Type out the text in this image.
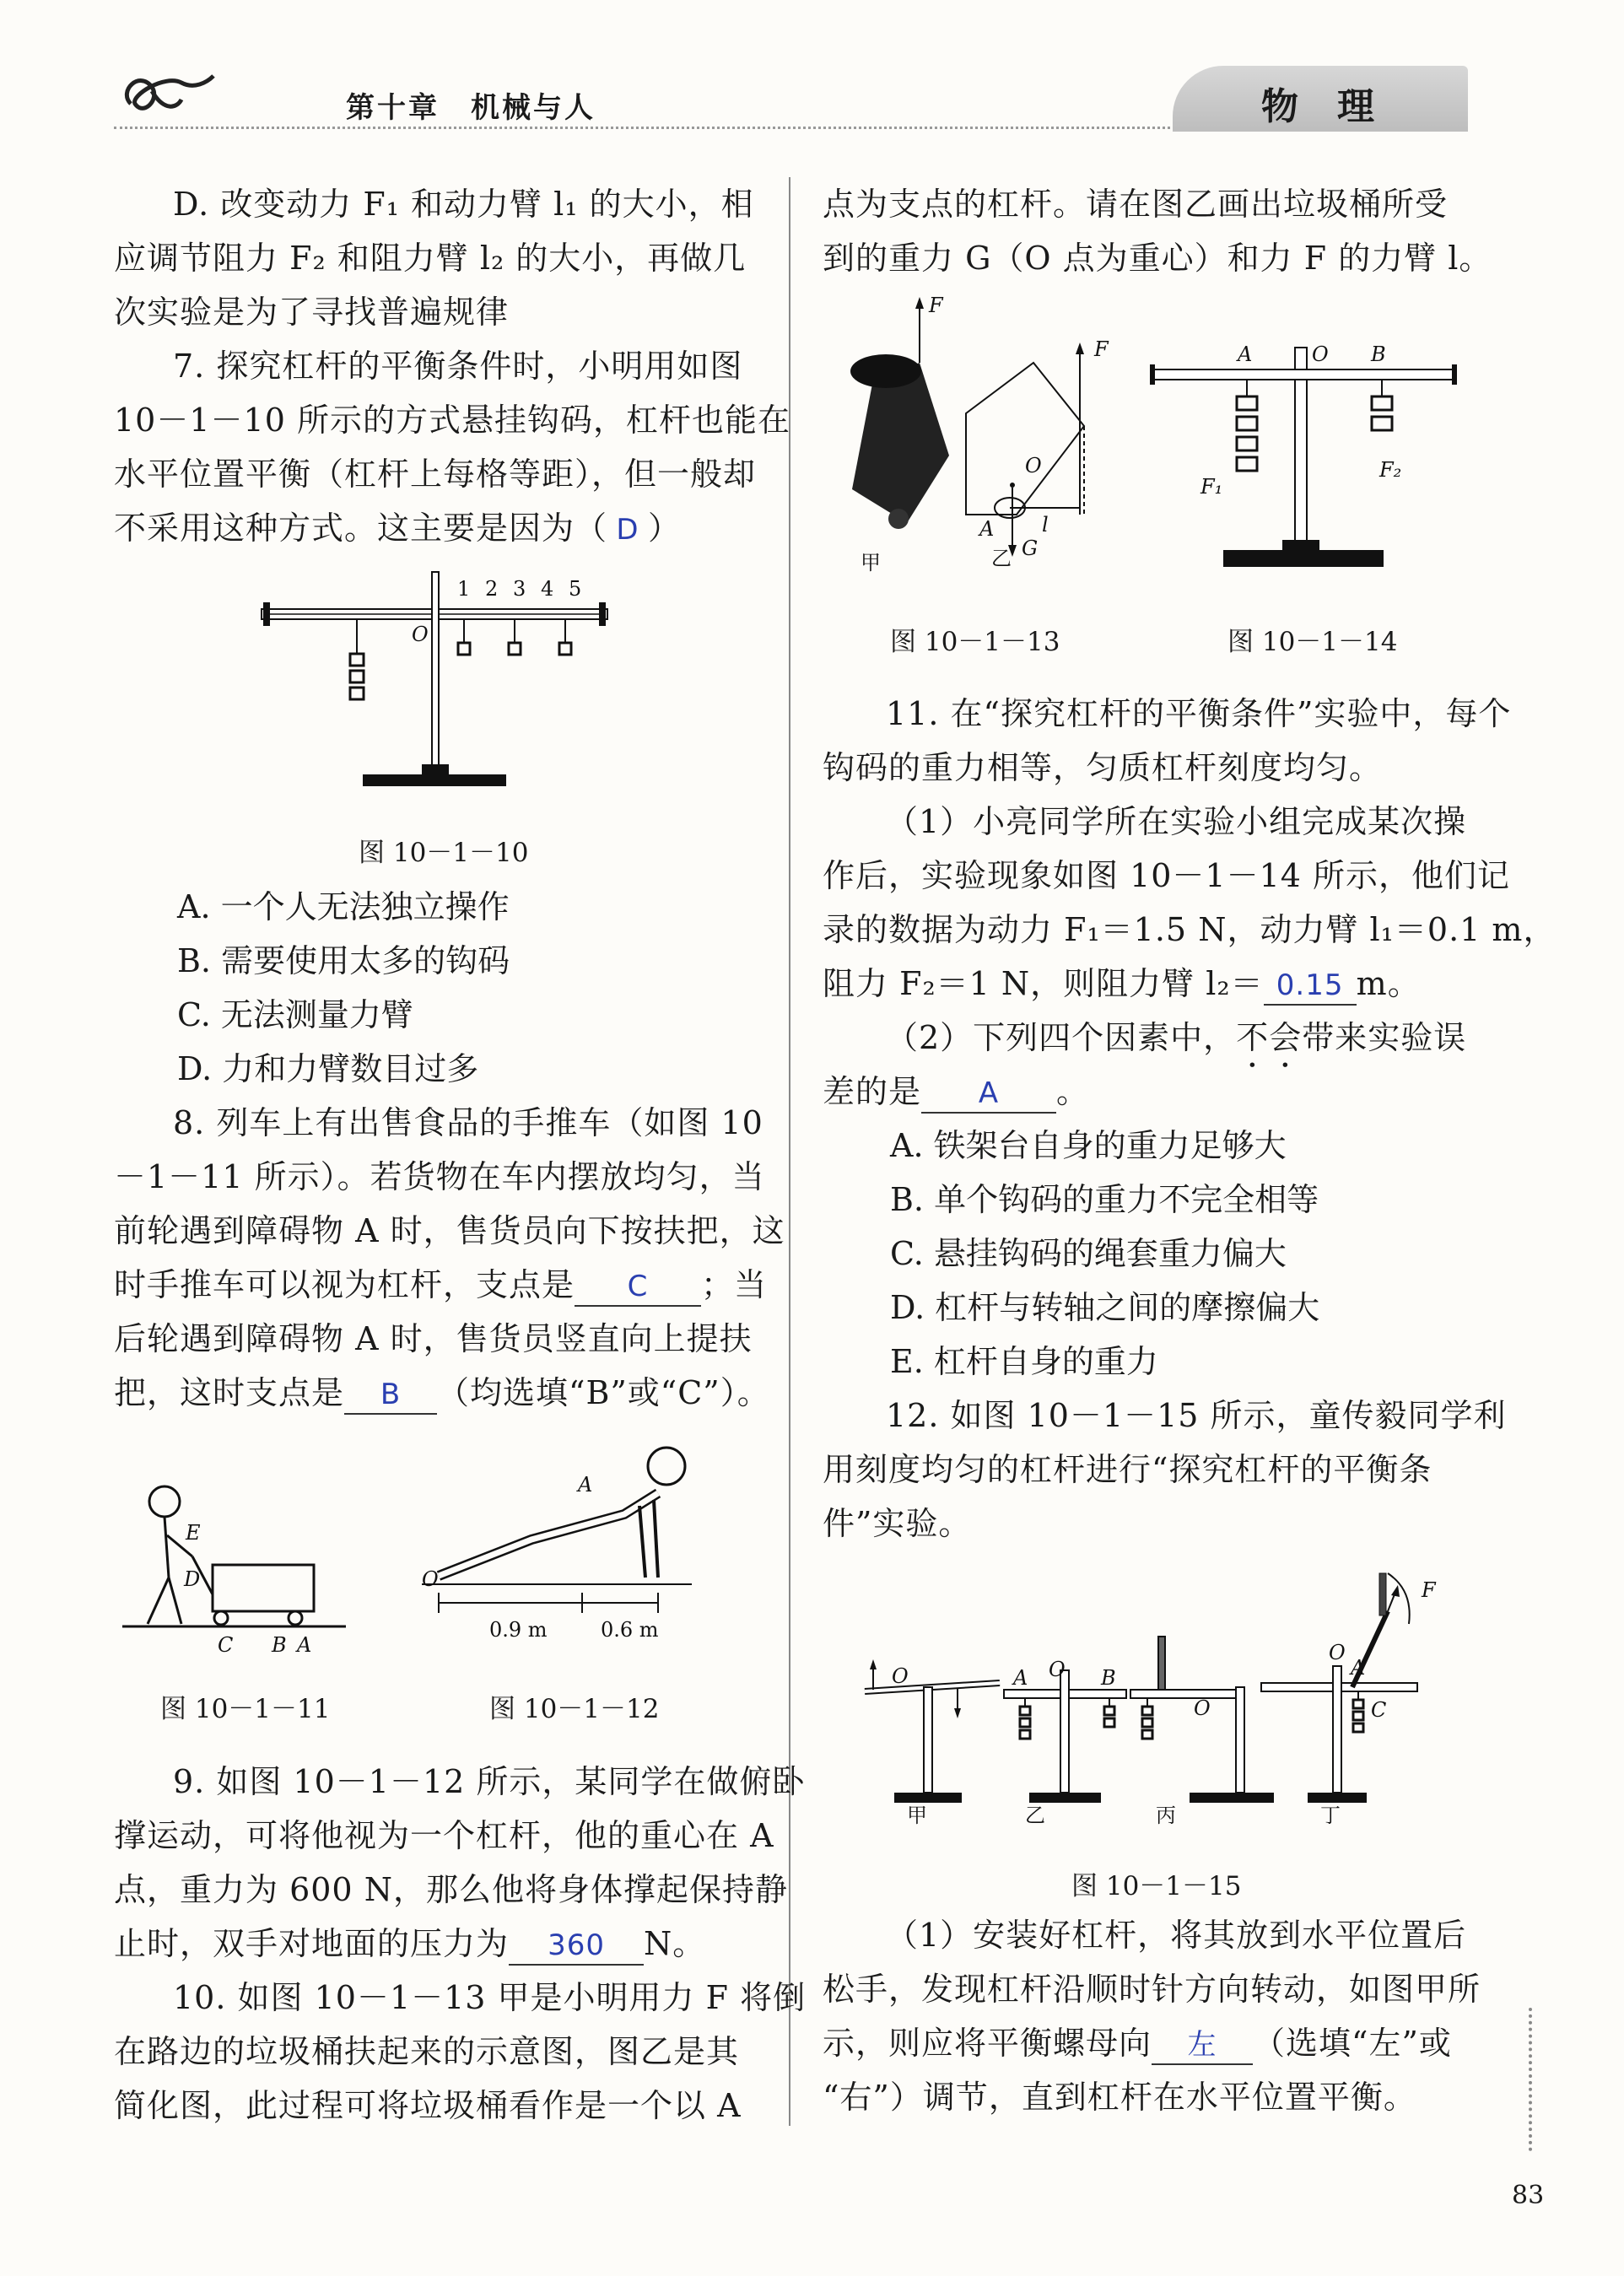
第十章　机械与人	物理
D. 改变动力 F₁ 和动力臂 l₁ 的大小，相
应调节阻力 F₂ 和阻力臂 l₂ 的大小，再做几
次实验是为了寻找普遍规律
7. 探究杠杆的平衡条件时，小明用如图
10－1－10 所示的方式悬挂钩码，杠杆也能在
水平位置平衡（杠杆上每格等距），但一般却
不采用这种方式。这主要是因为（ D ）
1 2 3 4 5
O
图 10－1－10
A. 一个人无法独立操作
B. 需要使用太多的钩码
C. 无法测量力臂
D. 力和力臂数目过多
8. 列车上有出售食品的手推车（如图 10
－1－11 所示）。若货物在车内摆放均匀，当
前轮遇到障碍物 A 时，售货员向下按扶把，这
时手推车可以视为杠杆，支点是 C ；当
后轮遇到障碍物 A 时，售货员竖直向上提扶
把，这时支点是 B （均选填“B”或“C”）。
E
D
C B A
图 10－1－11
A
O
0.9 m	0.6 m
图 10－1－12
9. 如图 10－1－12 所示，某同学在做俯卧
撑运动，可将他视为一个杠杆，他的重心在 A
点，重力为 600 N，那么他将身体撑起保持静
止时，双手对地面的压力为 360 N。
10. 如图 10－1－13 甲是小明用力 F 将倒
在路边的垃圾桶扶起来的示意图，图乙是其
简化图，此过程可将垃圾桶看作是一个以 A
点为支点的杠杆。请在图乙画出垃圾桶所受
到的重力 G（O 点为重心）和力 F 的力臂 l。
F
甲
F
O
A
G
l
乙
图 10－1－13
A	O B
F₁
F₂
图 10－1－14
11. 在“探究杠杆的平衡条件”实验中，每个
钩码的重力相等，匀质杠杆刻度均匀。
（1）小亮同学所在实验小组完成某次操
作后，实验现象如图 10－1－14 所示，他们记
录的数据为动力 F₁＝1.5 N，动力臂 l₁＝0.1 m，
阻力 F₂＝1 N，则阻力臂 l₂＝ 0.15 m。
（2）下列四个因素中，不会带来实验误
差的是 A 。
A. 铁架台自身的重力足够大
B. 单个钩码的重力不完全相等
C. 悬挂钩码的绳套重力偏大
D. 杠杆与转轴之间的摩擦偏大
E. 杠杆自身的重力
12. 如图 10－1－15 所示，童传毅同学利
用刻度均匀的杠杆进行“探究杠杆的平衡条
件”实验。
O
甲
A O B
乙
O
丙
O
A
C
F
丁
图 10－1－15
（1）安装好杠杆，将其放到水平位置后
松手，发现杠杆沿顺时针方向转动，如图甲所
示，则应将平衡螺母向 左 （选填“左”或
“右”）调节，直到杠杆在水平位置平衡。
83
